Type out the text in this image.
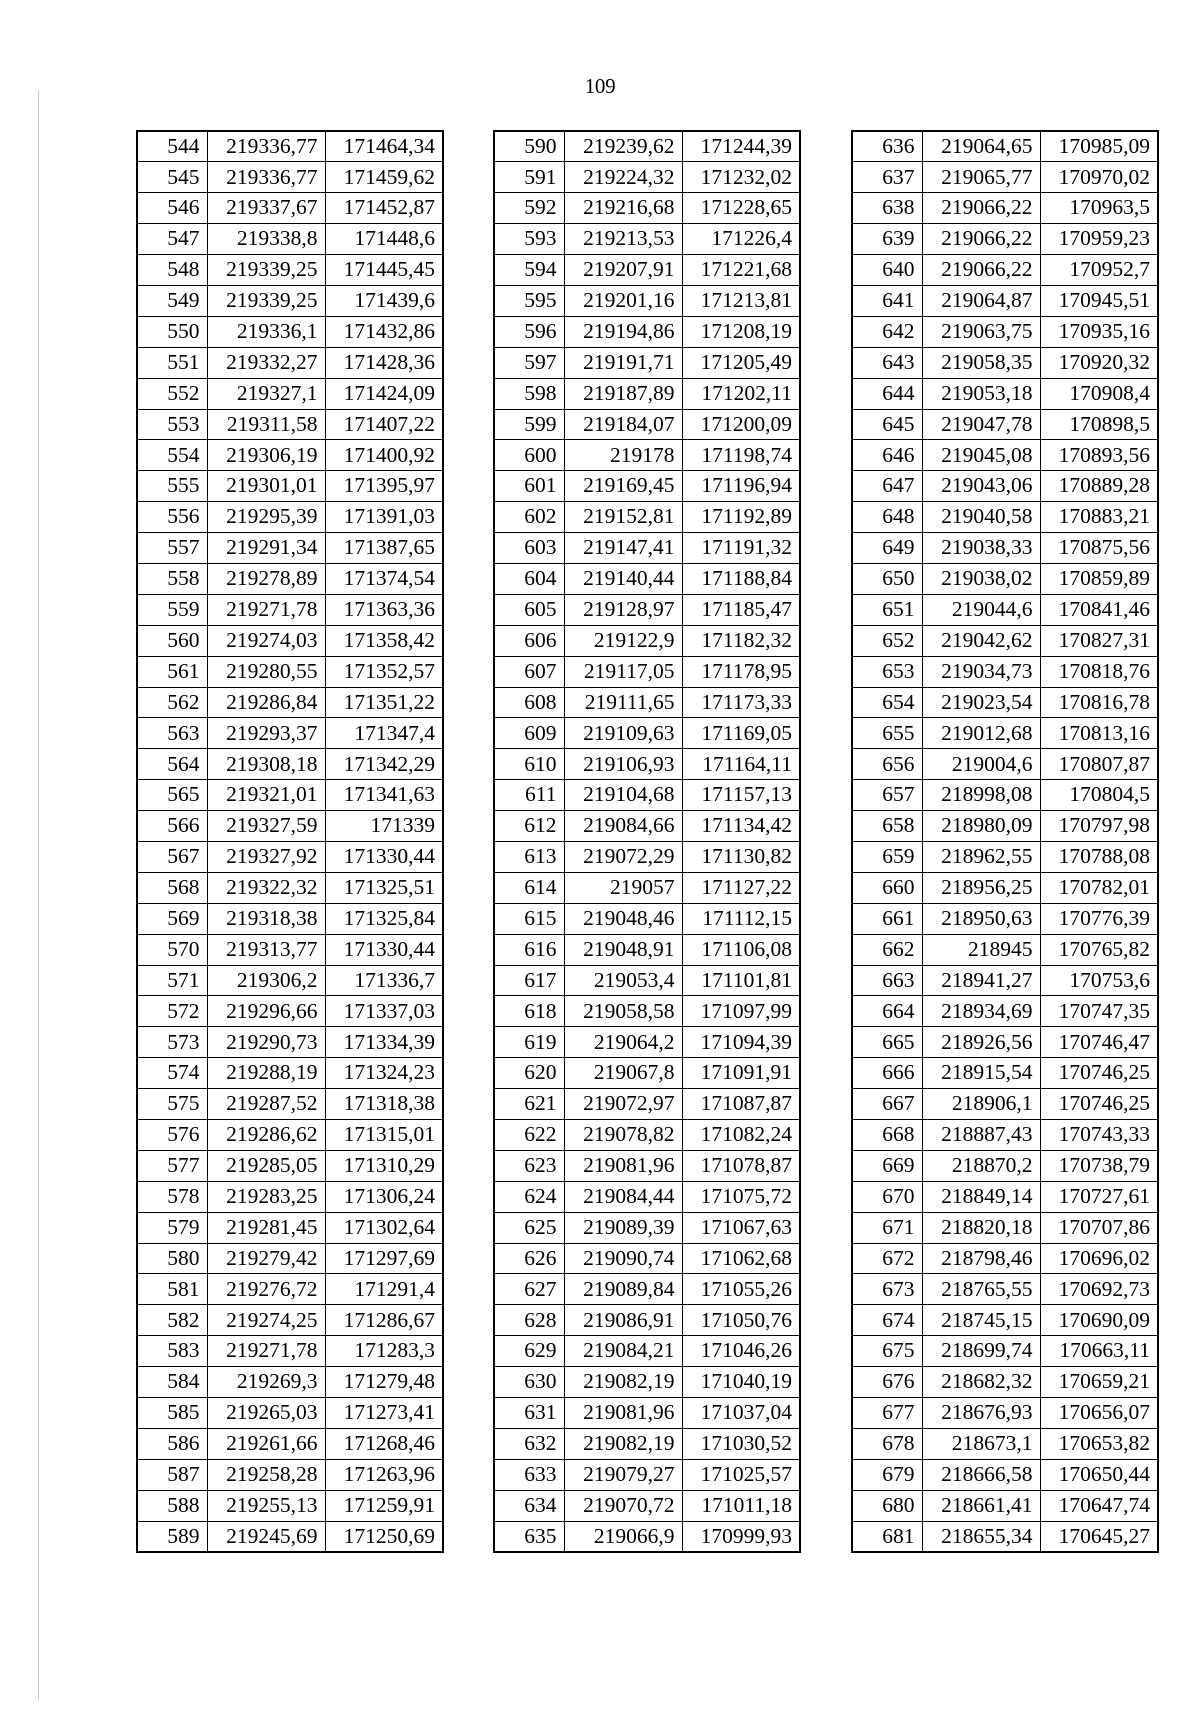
109
544	219336,77	171464,34
545	219336,77	171459,62
546	219337,67	171452,87
547	219338,8	171448,6
548	219339,25	171445,45
549	219339,25	171439,6
550	219336,1	171432,86
551	219332,27	171428,36
552	219327,1	171424,09
553	219311,58	171407,22
554	219306,19	171400,92
555	219301,01	171395,97
556	219295,39	171391,03
557	219291,34	171387,65
558	219278,89	171374,54
559	219271,78	171363,36
560	219274,03	171358,42
561	219280,55	171352,57
562	219286,84	171351,22
563	219293,37	171347,4
564	219308,18	171342,29
565	219321,01	171341,63
566	219327,59	171339
567	219327,92	171330,44
568	219322,32	171325,51
569	219318,38	171325,84
570	219313,77	171330,44
571	219306,2	171336,7
572	219296,66	171337,03
573	219290,73	171334,39
574	219288,19	171324,23
575	219287,52	171318,38
576	219286,62	171315,01
577	219285,05	171310,29
578	219283,25	171306,24
579	219281,45	171302,64
580	219279,42	171297,69
581	219276,72	171291,4
582	219274,25	171286,67
583	219271,78	171283,3
584	219269,3	171279,48
585	219265,03	171273,41
586	219261,66	171268,46
587	219258,28	171263,96
588	219255,13	171259,91
589	219245,69	171250,69
590	219239,62	171244,39
591	219224,32	171232,02
592	219216,68	171228,65
593	219213,53	171226,4
594	219207,91	171221,68
595	219201,16	171213,81
596	219194,86	171208,19
597	219191,71	171205,49
598	219187,89	171202,11
599	219184,07	171200,09
600	219178	171198,74
601	219169,45	171196,94
602	219152,81	171192,89
603	219147,41	171191,32
604	219140,44	171188,84
605	219128,97	171185,47
606	219122,9	171182,32
607	219117,05	171178,95
608	219111,65	171173,33
609	219109,63	171169,05
610	219106,93	171164,11
611	219104,68	171157,13
612	219084,66	171134,42
613	219072,29	171130,82
614	219057	171127,22
615	219048,46	171112,15
616	219048,91	171106,08
617	219053,4	171101,81
618	219058,58	171097,99
619	219064,2	171094,39
620	219067,8	171091,91
621	219072,97	171087,87
622	219078,82	171082,24
623	219081,96	171078,87
624	219084,44	171075,72
625	219089,39	171067,63
626	219090,74	171062,68
627	219089,84	171055,26
628	219086,91	171050,76
629	219084,21	171046,26
630	219082,19	171040,19
631	219081,96	171037,04
632	219082,19	171030,52
633	219079,27	171025,57
634	219070,72	171011,18
635	219066,9	170999,93
636	219064,65	170985,09
637	219065,77	170970,02
638	219066,22	170963,5
639	219066,22	170959,23
640	219066,22	170952,7
641	219064,87	170945,51
642	219063,75	170935,16
643	219058,35	170920,32
644	219053,18	170908,4
645	219047,78	170898,5
646	219045,08	170893,56
647	219043,06	170889,28
648	219040,58	170883,21
649	219038,33	170875,56
650	219038,02	170859,89
651	219044,6	170841,46
652	219042,62	170827,31
653	219034,73	170818,76
654	219023,54	170816,78
655	219012,68	170813,16
656	219004,6	170807,87
657	218998,08	170804,5
658	218980,09	170797,98
659	218962,55	170788,08
660	218956,25	170782,01
661	218950,63	170776,39
662	218945	170765,82
663	218941,27	170753,6
664	218934,69	170747,35
665	218926,56	170746,47
666	218915,54	170746,25
667	218906,1	170746,25
668	218887,43	170743,33
669	218870,2	170738,79
670	218849,14	170727,61
671	218820,18	170707,86
672	218798,46	170696,02
673	218765,55	170692,73
674	218745,15	170690,09
675	218699,74	170663,11
676	218682,32	170659,21
677	218676,93	170656,07
678	218673,1	170653,82
679	218666,58	170650,44
680	218661,41	170647,74
681	218655,34	170645,27
